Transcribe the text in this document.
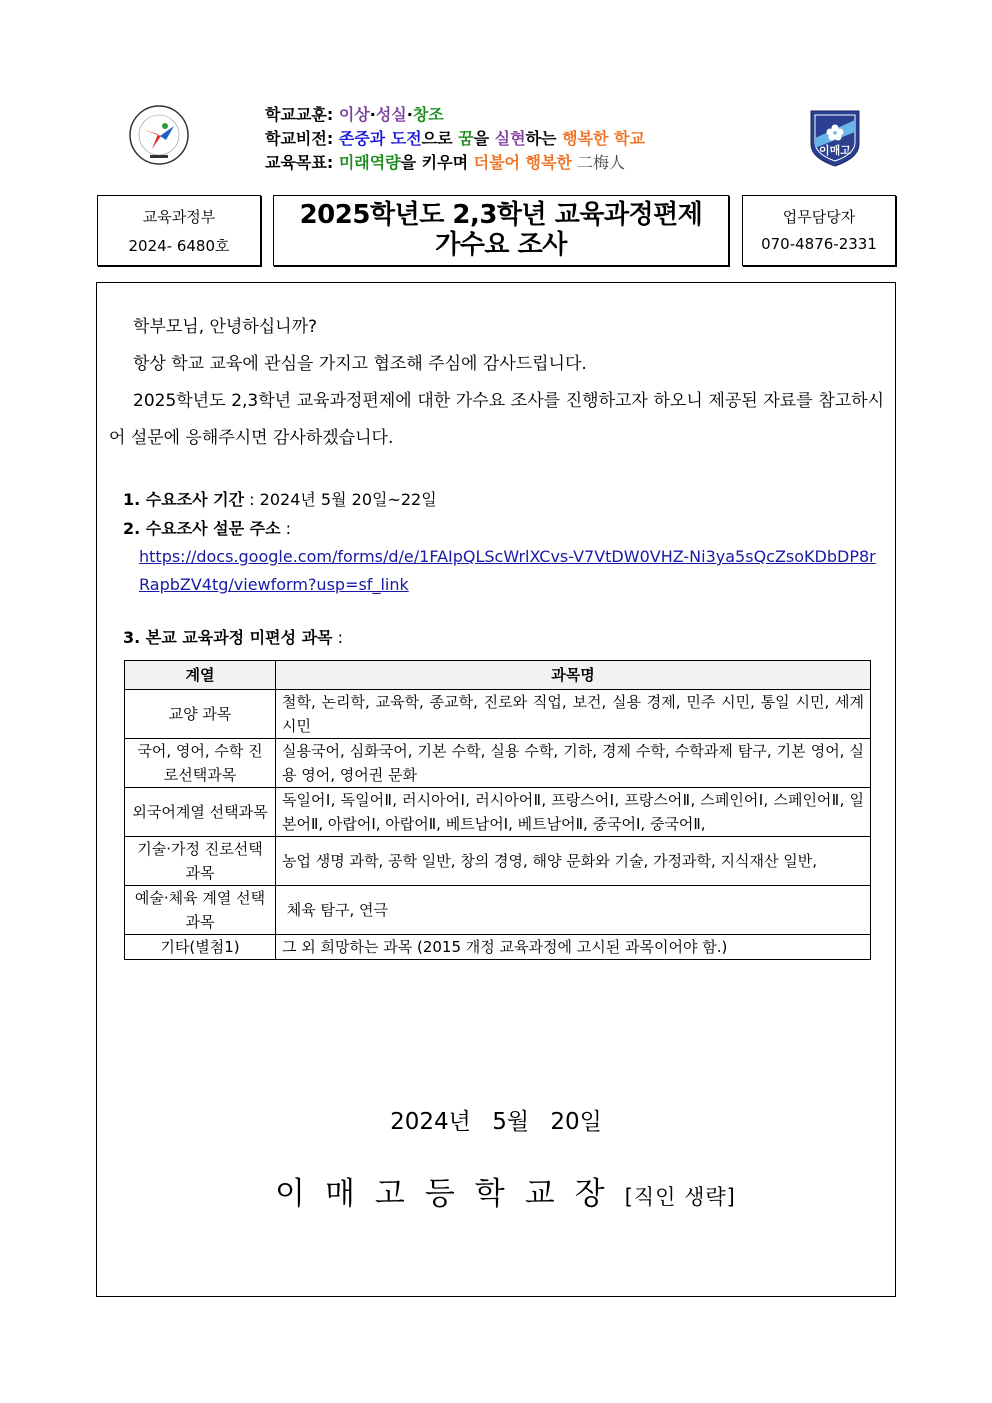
학교교훈: 이상·성실·창조
학교비전: 존중과 도전으로 꿈을 실현하는 행복한 학교
교육목표: 미래역량을 키우며 더불어 행복한 二梅人
이매고
교육과정부
2024- 6480호
2025학년도 2,3학년 교육과정편제
가수요 조사
업무담당자
070-4876-2331
학부모님, 안녕하십니까?
항상 학교 교육에 관심을 가지고 협조해 주심에 감사드립니다.
2025학년도 2,3학년 교육과정편제에 대한 가수요 조사를 진행하고자 하오니 제공된 자료를 참고하시어 설문에 응해주시면 감사하겠습니다.
1. 수요조사 기간 : 2024년 5월 20일~22일
2. 수요조사 설문 주소 :
https://docs.google.com/forms/d/e/1FAIpQLScWrlXCvs-V7VtDW0VHZ-Ni3ya5sQcZsoKDbDP8rRapbZV4tg/viewform?usp=sf_link
3. 본교 교육과정 미편성 과목 :
계열	과목명
교양 과목	철학, 논리학, 교육학, 종교학, 진로와 직업, 보건, 실용 경제, 민주 시민, 통일 시민, 세계 시민
국어, 영어, 수학 진로선택과목	실용국어, 심화국어, 기본 수학, 실용 수학, 기하, 경제 수학, 수학과제 탐구, 기본 영어, 실용 영어, 영어권 문화
외국어계열 선택과목	독일어Ⅰ, 독일어Ⅱ, 러시아어Ⅰ, 러시아어Ⅱ, 프랑스어Ⅰ, 프랑스어Ⅱ, 스페인어Ⅰ, 스페인어Ⅱ, 일본어Ⅱ, 아랍어Ⅰ, 아랍어Ⅱ, 베트남어Ⅰ, 베트남어Ⅱ, 중국어Ⅰ, 중국어Ⅱ,
기술·가정 진로선택과목	농업 생명 과학, 공학 일반, 창의 경영, 해양 문화와 기술, 가정과학, 지식재산 일반,
예술·체육 계열 선택과목	체육 탐구, 연극
기타(별첨1)	그 외 희망하는 과목 (2015 개정 교육과정에 고시된 과목이어야 함.)
2024년 5월 20일
이매고등학교장[직인 생략]
